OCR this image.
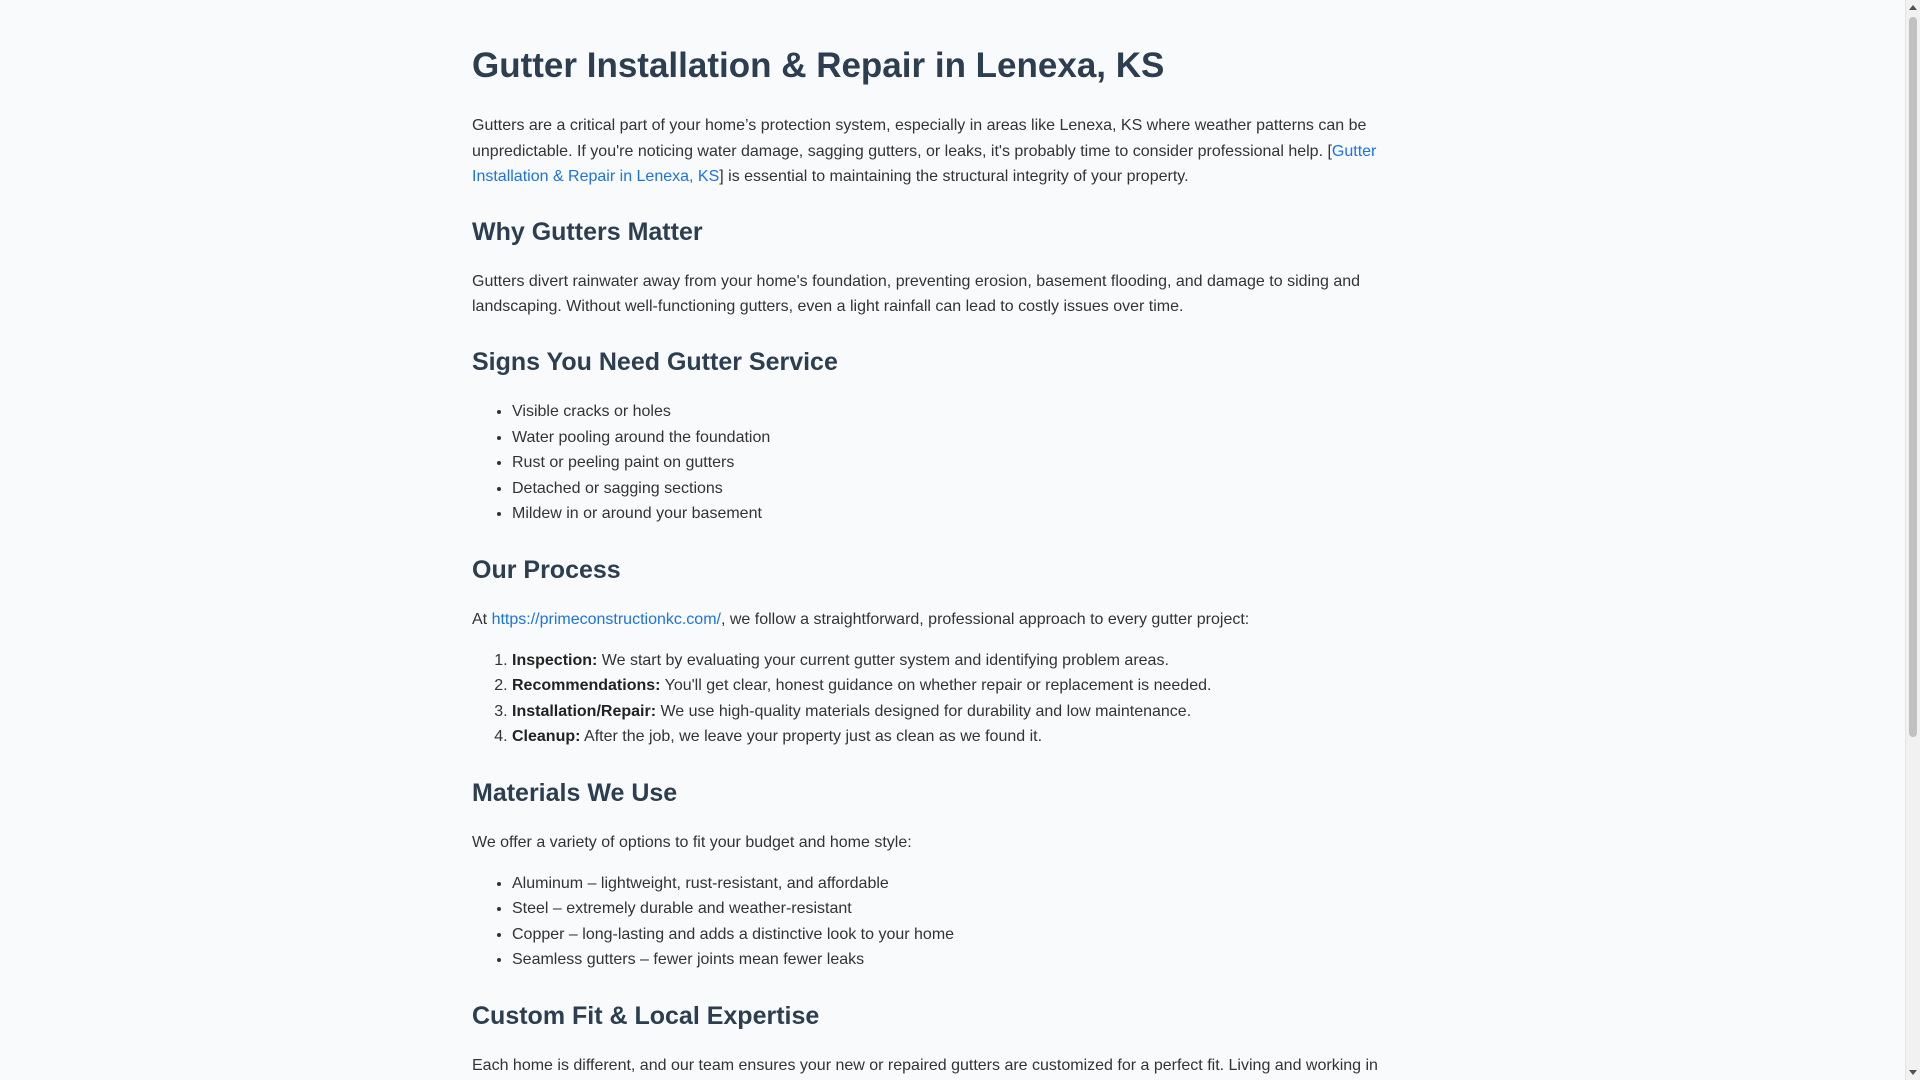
Gutter Installation & Repair in Lenexa, KS

Gutters are a critical part of your home’s protection system, especially in areas like Lenexa, KS where weather patterns can be unpredictable. If you're noticing water damage, sagging gutters, or leaks, it's probably time to consider professional help. [Gutter Installation & Repair in Lenexa, KS] is essential to maintaining the structural integrity of your property.

Why Gutters Matter

Gutters divert rainwater away from your home's foundation, preventing erosion, basement flooding, and damage to siding and landscaping. Without well-functioning gutters, even a light rainfall can lead to costly issues over time.

Signs You Need Gutter Service
• Visible cracks or holes
• Water pooling around the foundation
• Rust or peeling paint on gutters
• Detached or sagging sections
• Mildew in or around your basement
Our Process

At https://primeconstructionkc.com/, we follow a straightforward, professional approach to every gutter project:

1. Inspection: We start by evaluating your current gutter system and identifying problem areas.
2. Recommendations: You'll get clear, honest guidance on whether repair or replacement is needed.
3. Installation/Repair: We use high-quality materials designed for durability and low maintenance.
4. Cleanup: After the job, we leave your property just as clean as we found it.
Materials We Use

We offer a variety of options to fit your budget and home style:

• Aluminum – lightweight, rust-resistant, and affordable
• Steel – extremely durable and weather-resistant
• Copper – long-lasting and adds a distinctive look to your home
• Seamless gutters – fewer joints mean fewer leaks
Custom Fit & Local Expertise

Each home is different, and our team ensures your new or repaired gutters are customized for a perfect fit. Living and working in
